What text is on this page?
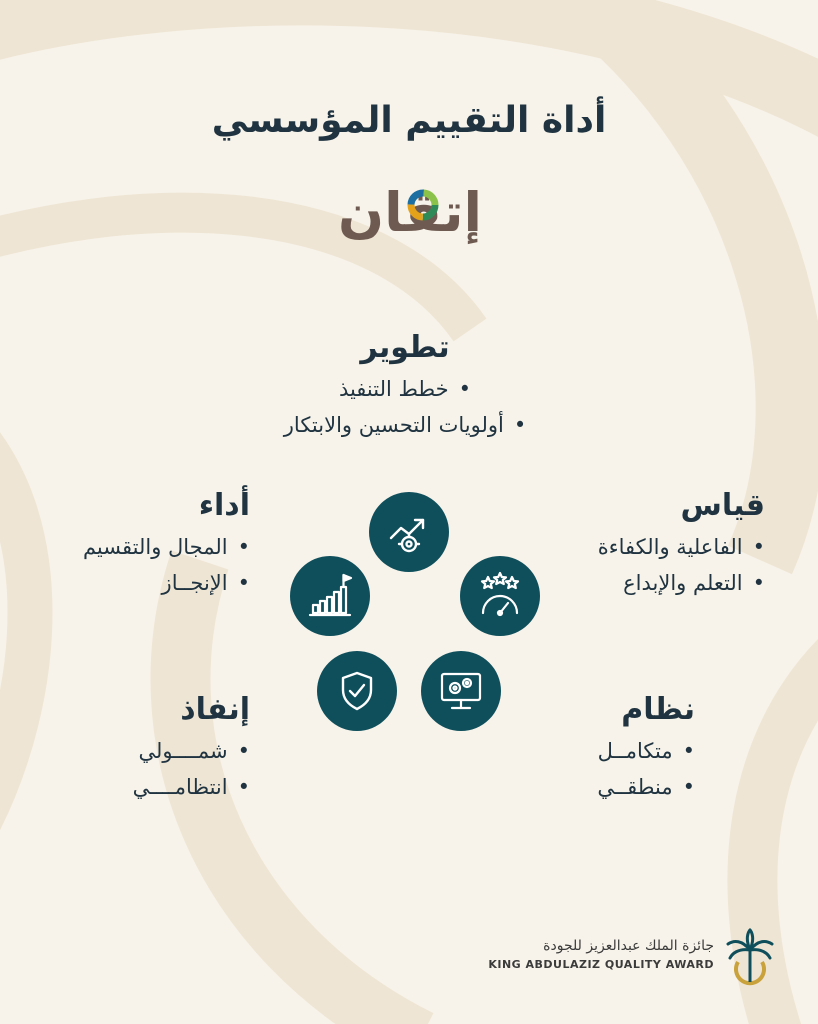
أداة التقييم المؤسسي
إتقان
تطوير
• خطط التنفيذ
• أولويات التحسين والابتكار
قياس
• الفاعلية والكفاءة
• التعلم والإبداع
أداء
• المجال والتقسيم
• الإنجــاز
إنفاذ
• شمــــولي
• انتظامــــي
نظام
• متكامــل
• منطقــي
جائزة الملك عبدالعزيز للجودة
KING ABDULAZIZ QUALITY AWARD
